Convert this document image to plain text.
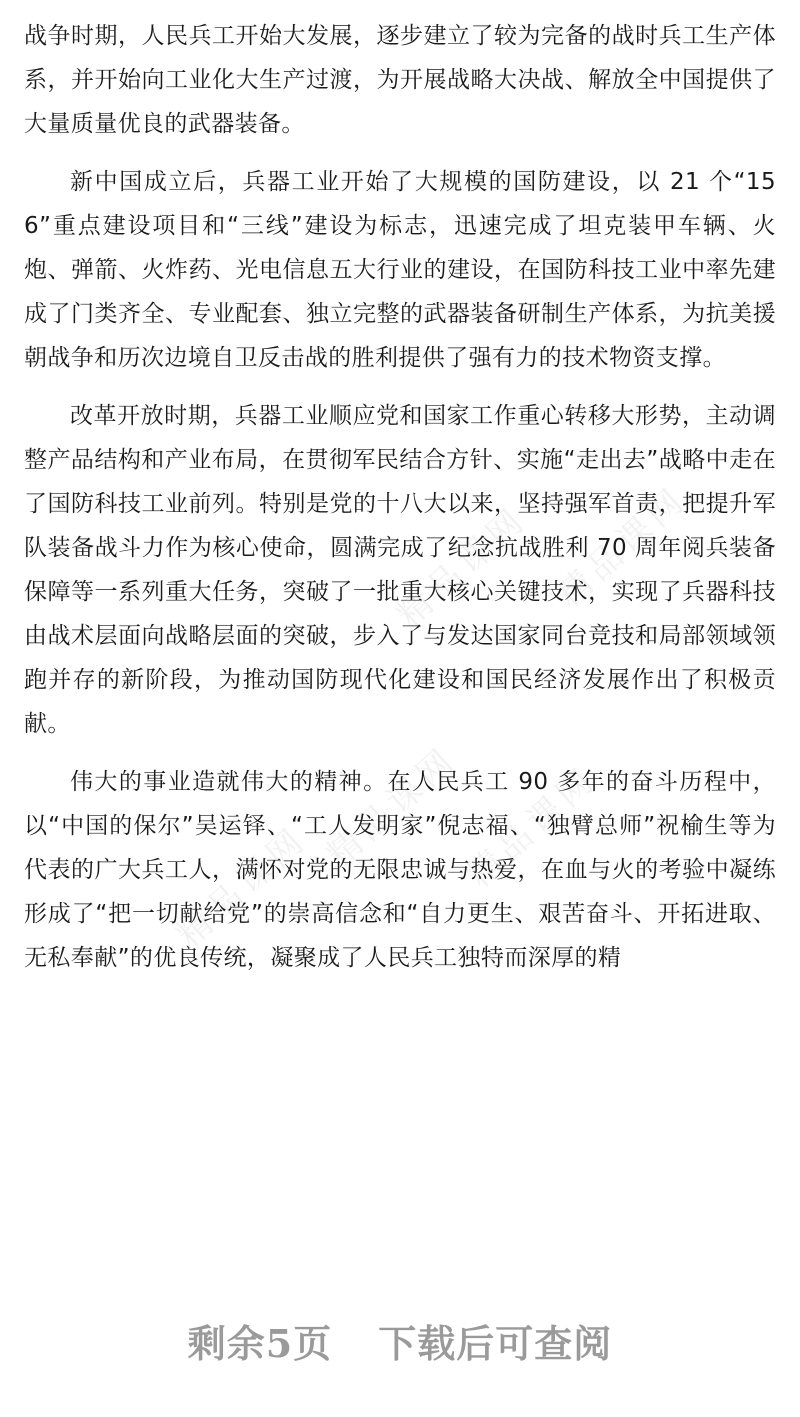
精品课网 精品课网
精品课网
精品课网	精品课网

战争时期，人民兵工开始大发展，逐步建立了较为完备的战时兵工生产体系，并开始向工业化大生产过渡，为开展战略大决战、解放全中国提供了大量质量优良的武器装备。

新中国成立后，兵器工业开始了大规模的国防建设，以 21 个“156”重点建设项目和“三线”建设为标志，迅速完成了坦克装甲车辆、火炮、弹箭、火炸药、光电信息五大行业的建设，在国防科技工业中率先建成了门类齐全、专业配套、独立完整的武器装备研制生产体系，为抗美援朝战争和历次边境自卫反击战的胜利提供了强有力的技术物资支撑。

改革开放时期，兵器工业顺应党和国家工作重心转移大形势，主动调整产品结构和产业布局，在贯彻军民结合方针、实施“走出去”战略中走在了国防科技工业前列。特别是党的十八大以来，坚持强军首责，把提升军队装备战斗力作为核心使命，圆满完成了纪念抗战胜利 70 周年阅兵装备保障等一系列重大任务，突破了一批重大核心关键技术，实现了兵器科技由战术层面向战略层面的突破，步入了与发达国家同台竞技和局部领域领跑并存的新阶段，为推动国防现代化建设和国民经济发展作出了积极贡献。

伟大的事业造就伟大的精神。在人民兵工 90 多年的奋斗历程中，以“中国的保尔”吴运铎、“工人发明家”倪志福、“独臂总师”祝榆生等为代表的广大兵工人，满怀对党的无限忠诚与热爱，在血与火的考验中凝练形成了“把一切献给党”的崇高信念和“自力更生、艰苦奋斗、开拓进取、无私奉献”的优良传统，凝聚成了人民兵工独特而深厚的精

剩余5页 下载后可查阅
